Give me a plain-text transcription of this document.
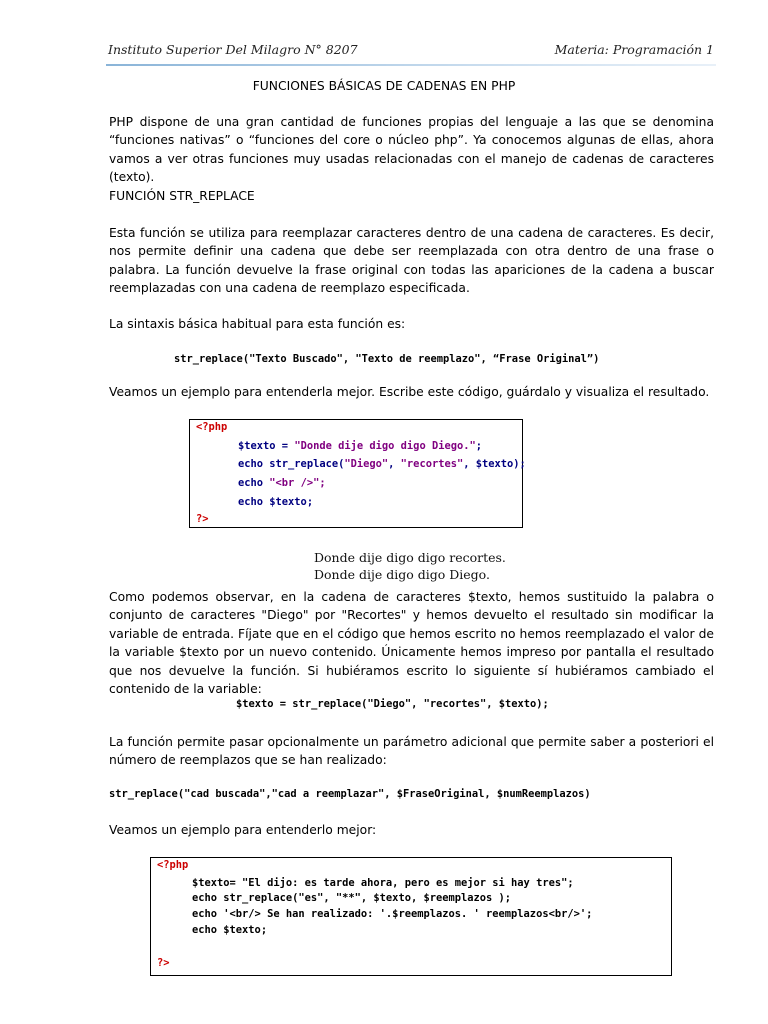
Instituto Superior Del Milagro N° 8207	Materia: Programación 1
FUNCIONES BÁSICAS DE CADENAS EN PHP
PHP dispone de una gran cantidad de funciones propias del lenguaje a las que se denomina “funciones nativas” o “funciones del core o núcleo php”. Ya conocemos algunas de ellas, ahora vamos a ver otras funciones muy usadas relacionadas con el manejo de cadenas de caracteres (texto).
FUNCIÓN STR_REPLACE
Esta función se utiliza para reemplazar caracteres dentro de una cadena de caracteres. Es decir, nos permite definir una cadena que debe ser reemplazada con otra dentro de una frase o palabra. La función devuelve la frase original con todas las apariciones de la cadena a buscar reemplazadas con una cadena de reemplazo especificada.
La sintaxis básica habitual para esta función es:
str_replace("Texto Buscado", "Texto de reemplazo", “Frase Original”)
Veamos un ejemplo para entenderla mejor. Escribe este código, guárdalo y visualiza el resultado.
<?php
$texto = "Donde dije digo digo Diego.";
echo str_replace("Diego", "recortes", $texto);
echo "<br />";
echo $texto;
?>
Donde dije digo digo recortes.
Donde dije digo digo Diego.
Como podemos observar, en la cadena de caracteres $texto, hemos sustituido la palabra o conjunto de caracteres "Diego" por "Recortes" y hemos devuelto el resultado sin modificar la variable de entrada. Fíjate que en el código que hemos escrito no hemos reemplazado el valor de la variable $texto por un nuevo contenido. Únicamente hemos impreso por pantalla el resultado que nos devuelve la función. Si hubiéramos escrito lo siguiente sí hubiéramos cambiado el contenido de la variable:
$texto = str_replace("Diego", "recortes", $texto);
La función permite pasar opcionalmente un parámetro adicional que permite saber a posteriori el número de reemplazos que se han realizado:
str_replace("cad buscada","cad a reemplazar", $FraseOriginal, $numReemplazos)
Veamos un ejemplo para entenderlo mejor:
<?php
$texto= "El dijo: es tarde ahora, pero es mejor si hay tres";
echo str_replace("es", "**", $texto, $reemplazos );
echo '<br/> Se han realizado: '.$reemplazos. ' reemplazos<br/>';
echo $texto;
?>
